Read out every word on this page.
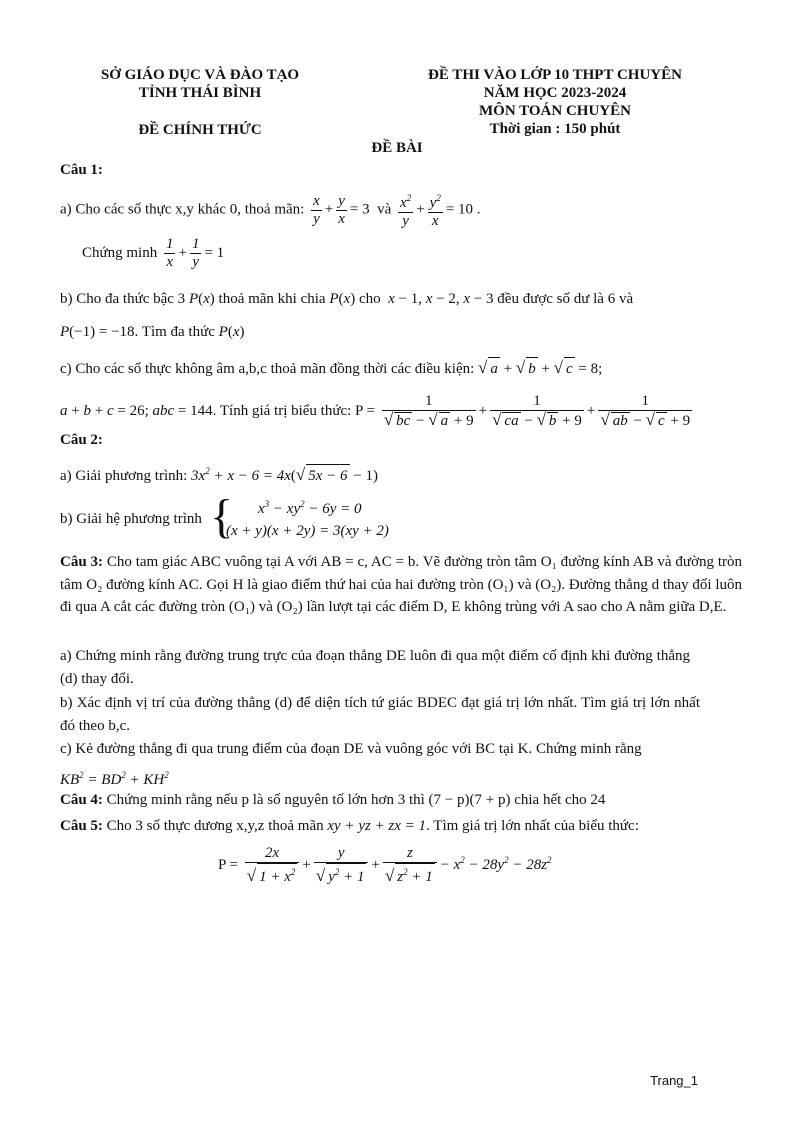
SỞ GIÁO DỤC VÀ ĐÀO TẠO
TỈNH THÁI BÌNH
ĐỀ CHÍNH THỨC
ĐỀ THI VÀO LỚP 10 THPT CHUYÊN
NĂM HỌC 2023-2024
MÔN TOÁN CHUYÊN
Thời gian : 150 phút
ĐỀ BÀI
Câu 1:
a) Cho các số thực x,y khác 0, thoả mãn: $\frac{x}{y} + \frac{y}{x} = 3$  và $\frac{x^2}{y} + \frac{y^2}{x} = 10$ .
Chứng minh $\frac{1}{x} + \frac{1}{y} = 1$
b) Cho đa thức bậc 3 P(x) thoả mãn khi chia P(x) cho x − 1, x − 2, x − 3 đều được số dư là 6 và
P(−1) = −18. Tìm đa thức P(x)
c) Cho các số thực không âm a,b,c thoả mãn đồng thời các điều kiện: √ a + √ b + √ c = 8;
a + b + c = 26; abc = 144. Tính giá trị biểu thức: $P = \frac{1}{√ bc - √ a + 9} + \frac{1}{√ ca - √ b + 9} + \frac{1}{√ ab - √ c + 9}$
Câu 2:
a) Giải phương trình: $3x^2 + x - 6 = 4x(√$ 5x − 6 − 1)
b) Giải hệ phương trình { $x^3 - xy^2 - 6y = 0$
(x + y)(x + 2y) = 3(xy + 2)
Câu 3: Cho tam giác ABC vuông tại A với AB = c, AC = b. Vẽ đường tròn tâm O₁ đường kính AB và đường tròn tâm O₂ đường kính AC. Gọi H là giao điểm thứ hai của hai đường tròn (O₁) và (O₂). Đường thẳng d thay đổi luôn đi qua A cắt các đường tròn (O₁) và (O₂) lần lượt tại các điểm D, E không trùng với A sao cho A nằm giữa D,E.
a) Chứng minh rằng đường trung trực của đoạn thẳng DE luôn đi qua một điểm cố định khi đường thẳng (d) thay đổi.
b) Xác định vị trí của đường thẳng (d) để diện tích tứ giác BDEC đạt giá trị lớn nhất. Tìm giá trị lớn nhất đó theo b,c.
c) Kẻ đường thẳng đi qua trung điểm của đoạn DE và vuông góc với BC tại K. Chứng minh rằng
$KB^2 = BD^2 + KH^2$
Câu 4: Chứng minh rằng nếu p là số nguyên tố lớn hơn 3 thì (7 − p)(7 + p) chia hết cho 24
Câu 5: Cho 3 số thực dương x,y,z thoả mãn xy + yz + zx = 1. Tìm giá trị lớn nhất của biểu thức:
$P = \frac{2x}{√ 1 + x^2} + \frac{y}{√ y^2 + 1} + \frac{z}{√ z^2 + 1} - x^2 - 28y^2 - 28z^2$
Trang_1
